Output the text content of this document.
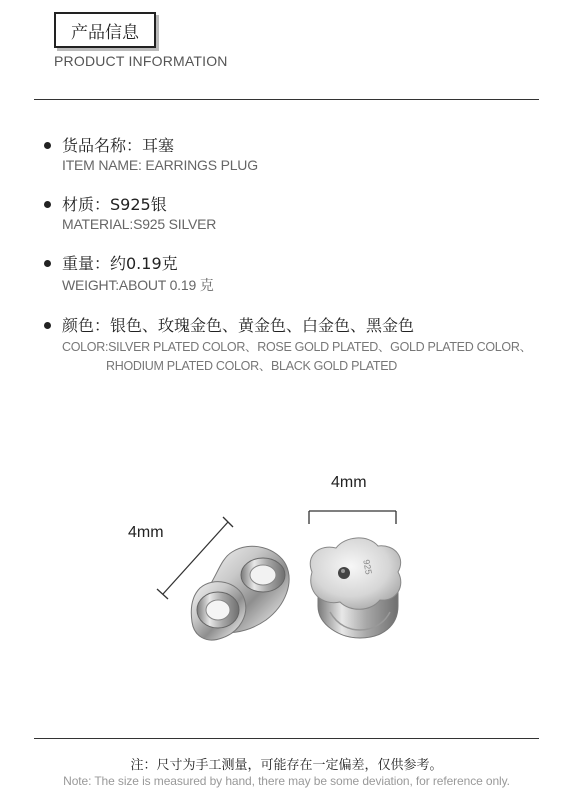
产品信息
PRODUCT INFORMATION
货品名称：耳塞
ITEM NAME: EARRINGS PLUG
材质：S925银
MATERIAL:S925 SILVER
重量：约0.19克
WEIGHT:ABOUT 0.19 克
颜色：银色、玫瑰金色、黄金色、白金色、黑金色
COLOR:SILVER PLATED COLOR、ROSE GOLD PLATED、GOLD PLATED COLOR、
RHODIUM PLATED COLOR、BLACK GOLD PLATED
4mm
4mm
925
注：尺寸为手工测量，可能存在一定偏差，仅供参考。
Note: The size is measured by hand, there may be some deviation, for reference only.
